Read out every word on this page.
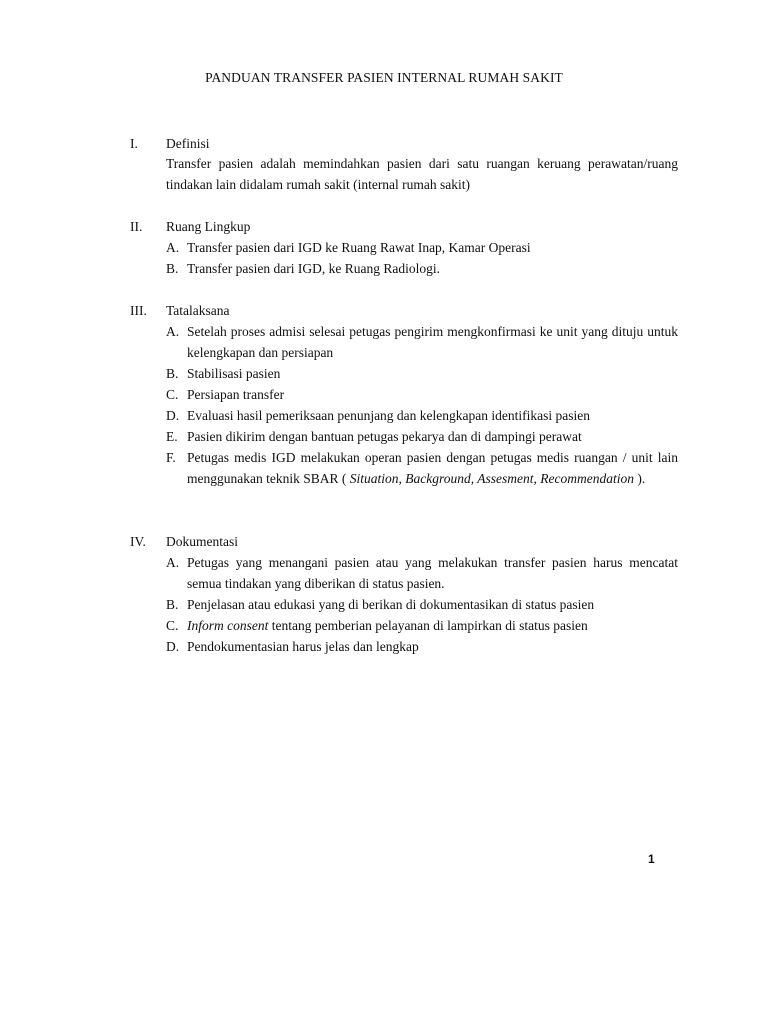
PANDUAN TRANSFER PASIEN INTERNAL RUMAH SAKIT
I. Definisi
Transfer pasien adalah memindahkan pasien dari satu ruangan keruang perawatan/ruang tindakan lain didalam rumah sakit (internal rumah sakit)
II. Ruang Lingkup
A. Transfer pasien dari IGD ke Ruang Rawat Inap, Kamar Operasi
B. Transfer pasien dari IGD, ke Ruang Radiologi.
III. Tatalaksana
A. Setelah proses admisi selesai petugas pengirim mengkonfirmasi ke unit yang dituju untuk kelengkapan dan persiapan
B. Stabilisasi pasien
C. Persiapan transfer
D. Evaluasi hasil pemeriksaan penunjang dan kelengkapan identifikasi pasien
E. Pasien dikirim dengan bantuan petugas pekarya dan di dampingi perawat
F. Petugas medis IGD melakukan operan pasien dengan petugas medis ruangan / unit lain menggunakan teknik SBAR ( Situation, Background, Assesment, Recommendation ).
IV. Dokumentasi
A. Petugas yang menangani pasien atau yang melakukan transfer pasien harus mencatat semua tindakan yang diberikan di status pasien.
B. Penjelasan atau edukasi yang di berikan di dokumentasikan di status pasien
C. Inform consent tentang pemberian pelayanan di lampirkan di status pasien
D. Pendokumentasian harus jelas dan lengkap
1
